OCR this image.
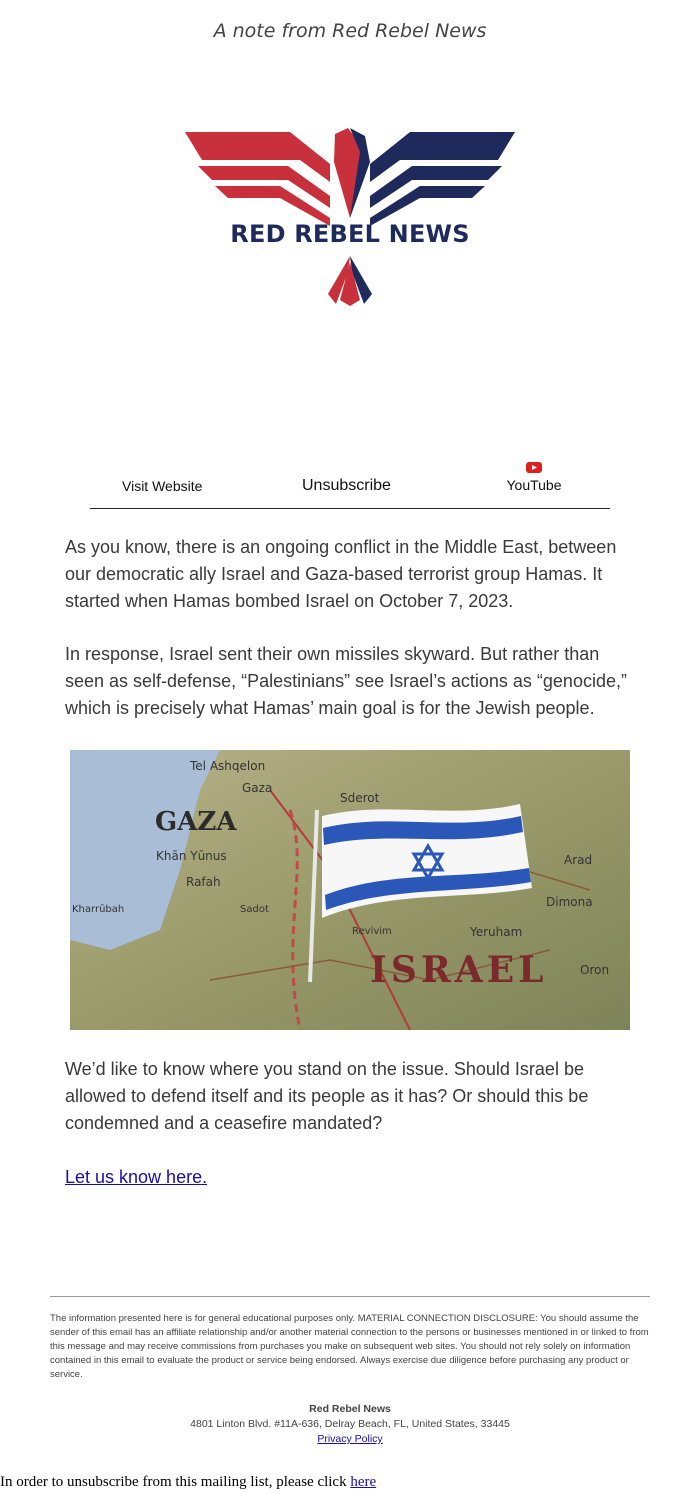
A note from Red Rebel News
★ ★	★ ★
RED REBEL NEWS
Visit Website	Unsubscribe	YouTube
As you know, there is an ongoing conflict in the Middle East, between our democratic ally Israel and Gaza-based terrorist group Hamas. It started when Hamas bombed Israel on October 7, 2023.
In response, Israel sent their own missiles skyward. But rather than seen as self-defense, “Palestinians” see Israel’s actions as “genocide,” which is precisely what Hamas’ main goal is for the Jewish people.
Tel Ashqelon
Gaza
GAZA
Khān Yūnus
Rafah
Kharrūbah	Sadot
Dimona
Arad
Revivim	Yeruham
ISRAEL	Oron
Sderot
We’d like to know where you stand on the issue. Should Israel be allowed to defend itself and its people as it has? Or should this be condemned and a ceasefire mandated?
Let us know here.
The information presented here is for general educational purposes only. MATERIAL CONNECTION DISCLOSURE: You should assume the sender of this email has an affiliate relationship and/or another material connection to the persons or businesses mentioned in or linked to from this message and may receive commissions from purchases you make on subsequent web sites. You should not rely solely on information contained in this email to evaluate the product or service being endorsed. Always exercise due diligence before purchasing any product or service.
Red Rebel News
4801 Linton Blvd. #11A-636, Delray Beach, FL, United States, 33445
Privacy Policy
In order to unsubscribe from this mailing list, please click here
